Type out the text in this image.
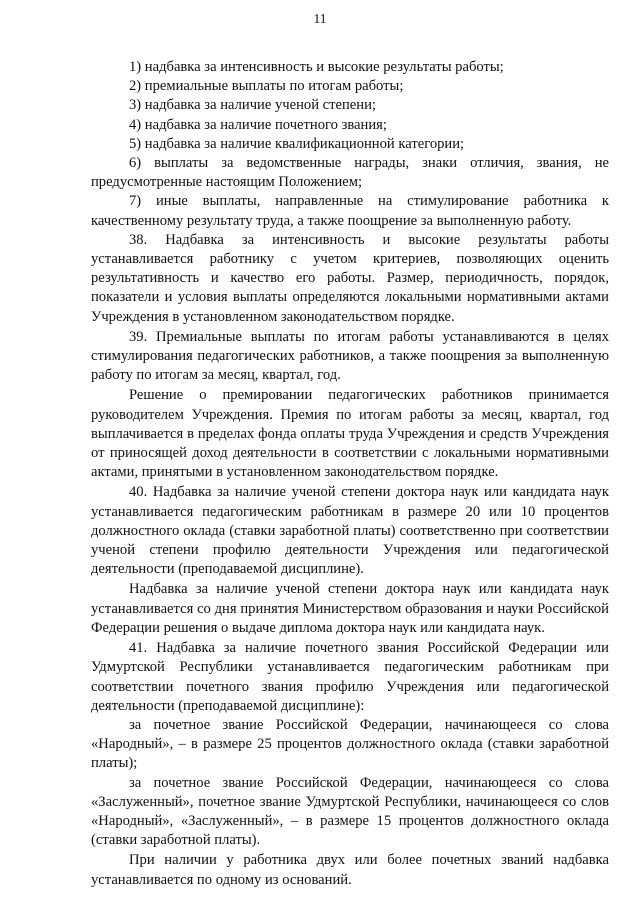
11

1) надбавка за интенсивность и высокие результаты работы;

2) премиальные выплаты по итогам работы;

3) надбавка за наличие ученой степени;

4) надбавка за наличие почетного звания;

5) надбавка за наличие квалификационной категории;

6) выплаты за ведомственные награды, знаки отличия, звания, не предусмотренные настоящим Положением;

7) иные выплаты, направленные на стимулирование работника к качественному результату труда, а также поощрение за выполненную работу.

38. Надбавка за интенсивность и высокие результаты работы устанавливается работнику с учетом критериев, позволяющих оценить результативность и качество его работы. Размер, периодичность, порядок, показатели и условия выплаты определяются локальными нормативными актами Учреждения в установленном законодательством порядке.

39. Премиальные выплаты по итогам работы устанавливаются в целях стимулирования педагогических работников, а также поощрения за выполненную работу по итогам за месяц, квартал, год.

Решение о премировании педагогических работников принимается руководителем Учреждения. Премия по итогам работы за месяц, квартал, год выплачивается в пределах фонда оплаты труда Учреждения и средств Учреждения от приносящей доход деятельности в соответствии с локальными нормативными актами, принятыми в установленном законодательством порядке.

40. Надбавка за наличие ученой степени доктора наук или кандидата наук устанавливается педагогическим работникам в размере 20 или 10 процентов должностного оклада (ставки заработной платы) соответственно при соответствии ученой степени профилю деятельности Учреждения или педагогической деятельности (преподаваемой дисциплине).

Надбавка за наличие ученой степени доктора наук или кандидата наук устанавливается со дня принятия Министерством образования и науки Российской Федерации решения о выдаче диплома доктора наук или кандидата наук.

41. Надбавка за наличие почетного звания Российской Федерации или Удмуртской Республики устанавливается педагогическим работникам при соответствии почетного звания профилю Учреждения или педагогической деятельности (преподаваемой дисциплине):

за почетное звание Российской Федерации, начинающееся со слова «Народный», – в размере 25 процентов должностного оклада (ставки заработной платы);

за почетное звание Российской Федерации, начинающееся со слова «Заслуженный», почетное звание Удмуртской Республики, начинающееся со слов «Народный», «Заслуженный», – в размере 15 процентов должностного оклада (ставки заработной платы).

При наличии у работника двух или более почетных званий надбавка устанавливается по одному из оснований.
